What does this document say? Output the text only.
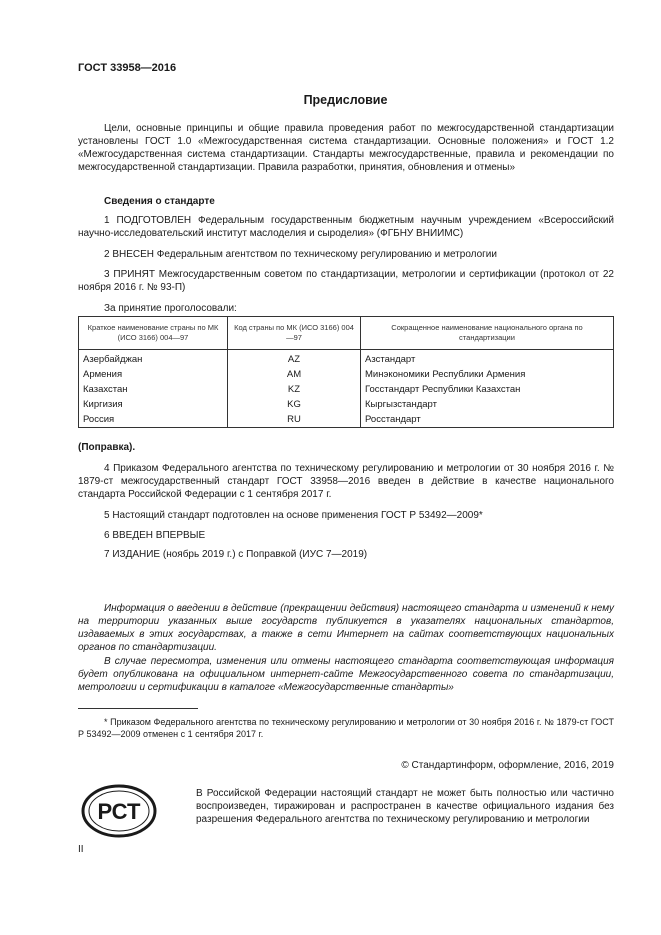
ГОСТ 33958—2016
Предисловие
Цели, основные принципы и общие правила проведения работ по межгосударственной стандартизации установлены ГОСТ 1.0 «Межгосударственная система стандартизации. Основные положения» и ГОСТ 1.2 «Межгосударственная система стандартизации. Стандарты межгосударственные, правила и рекомендации по межгосударственной стандартизации. Правила разработки, принятия, обновления и отмены»
Сведения о стандарте
1 ПОДГОТОВЛЕН Федеральным государственным бюджетным научным учреждением «Всероссийский научно-исследовательский институт маслоделия и сыроделия» (ФГБНУ ВНИИМС)
2 ВНЕСЕН Федеральным агентством по техническому регулированию и метрологии
3 ПРИНЯТ Межгосударственным советом по стандартизации, метрологии и сертификации (протокол от 22 ноября 2016 г. № 93-П)
За принятие проголосовали:
Краткое наименование страны по МК (ИСО 3166) 004—97	Код страны по МК (ИСО 3166) 004—97	Сокращенное наименование национального органа по стандартизации
Азербайджан	AZ	Азстандарт
Армения	AM	Минэкономики Республики Армения
Казахстан	KZ	Госстандарт Республики Казахстан
Киргизия	KG	Кыргызстандарт
Россия	RU	Росстандарт
(Поправка).
4 Приказом Федерального агентства по техническому регулированию и метрологии от 30 ноября 2016 г. № 1879-ст межгосударственный стандарт ГОСТ 33958—2016 введен в действие в качестве национального стандарта Российской Федерации с 1 сентября 2017 г.
5 Настоящий стандарт подготовлен на основе применения ГОСТ Р 53492—2009*
6 ВВЕДЕН ВПЕРВЫЕ
7 ИЗДАНИЕ (ноябрь 2019 г.) с Поправкой (ИУС 7—2019)
Информация о введении в действие (прекращении действия) настоящего стандарта и изменений к нему на территории указанных выше государств публикуется в указателях национальных стандартов, издаваемых в этих государствах, а также в сети Интернет на сайтах соответствующих национальных органов по стандартизации.
В случае пересмотра, изменения или отмены настоящего стандарта соответствующая информация будет опубликована на официальном интернет-сайте Межгосударственного совета по стандартизации, метрологии и сертификации в каталоге «Межгосударственные стандарты»
* Приказом Федерального агентства по техническому регулированию и метрологии от 30 ноября 2016 г. № 1879-ст ГОСТ Р 53492—2009 отменен с 1 сентября 2017 г.
© Стандартинформ, оформление, 2016, 2019
РСТ
В Российской Федерации настоящий стандарт не может быть полностью или частично воспроизведен, тиражирован и распространен в качестве официального издания без разрешения Федерального агентства по техническому регулированию и метрологии
II
